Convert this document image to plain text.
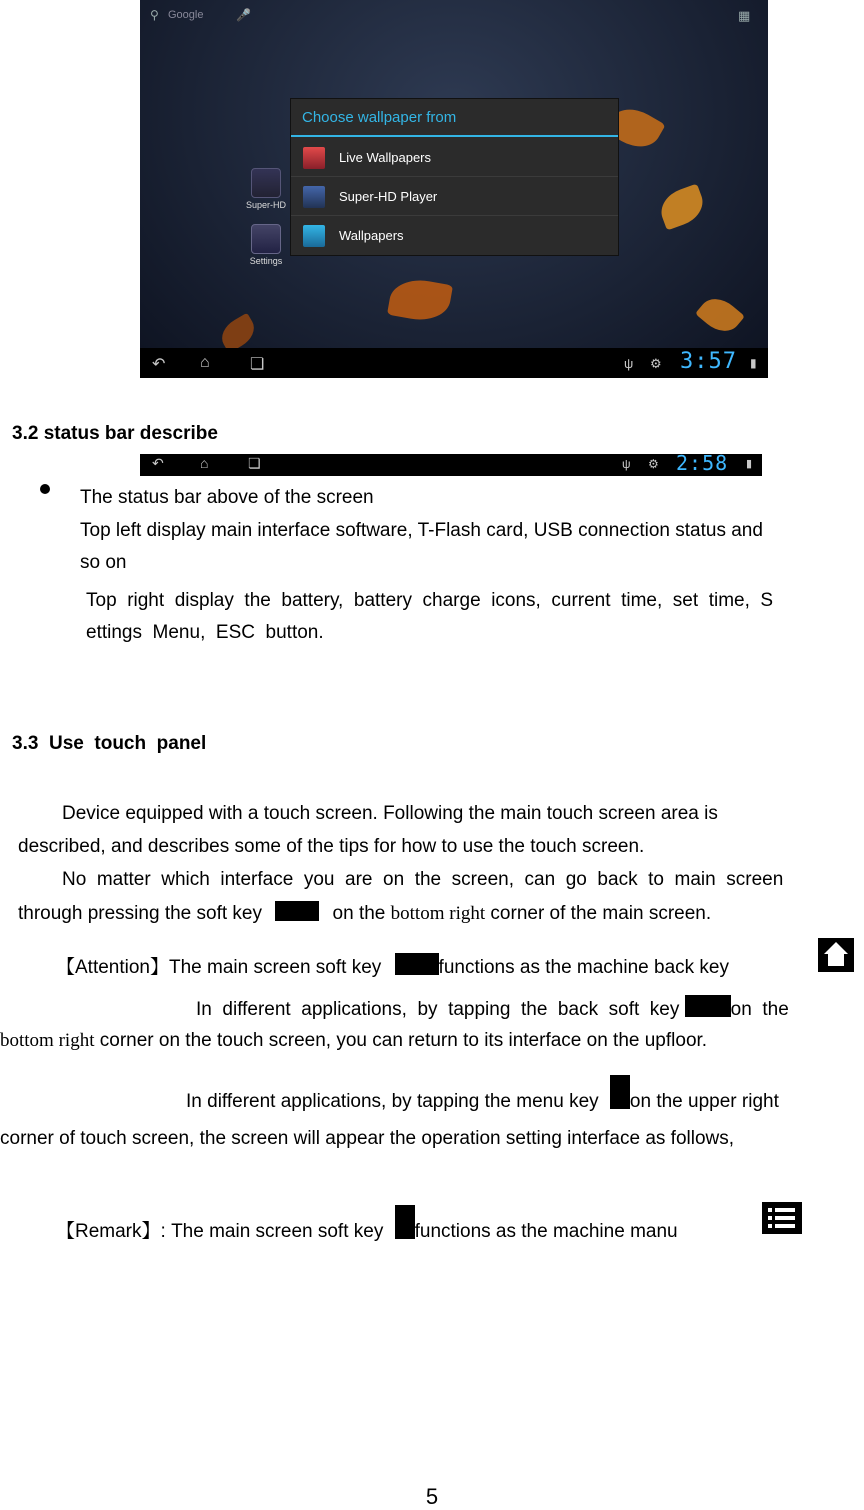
⚲ Google	🎤	▦
Super-HD
Settings
Choose wallpaper from
Live Wallpapers
Super-HD Player
Wallpapers
↶ ⌂	❏	ψ ⚙ 3:57 ▮
3.2 status bar describe
↶	⌂	❏	ψ ⚙ 2:58 ▮
The status bar above of the screen
Top left display main interface software, T-Flash card, USB connection status and
so on
Top  right  display  the  battery,  battery  charge  icons,  current  time,  set  time,  S
ettings  Menu,  ESC  button.
3.3  Use  touch  panel
Device equipped with a touch screen. Following the main touch screen area is
described, and describes some of the tips for how to use the touch screen.
No  matter  which  interface  you  are  on  the  screen,  can  go  back  to  main  screen
through pressing the soft key	on the bottom right corner of the main screen.
【Attention】The main screen soft key	functions as the machine back key
In  different  applications,  by  tapping  the  back  soft  key	on  the
bottom right corner on the touch screen, you can return to its interface on the upfloor.
In different applications, by tapping the menu key on the upper right
corner of touch screen, the screen will appear the operation setting interface as follows,
【Remark】: The main screen soft key functions as the machine manu
5
